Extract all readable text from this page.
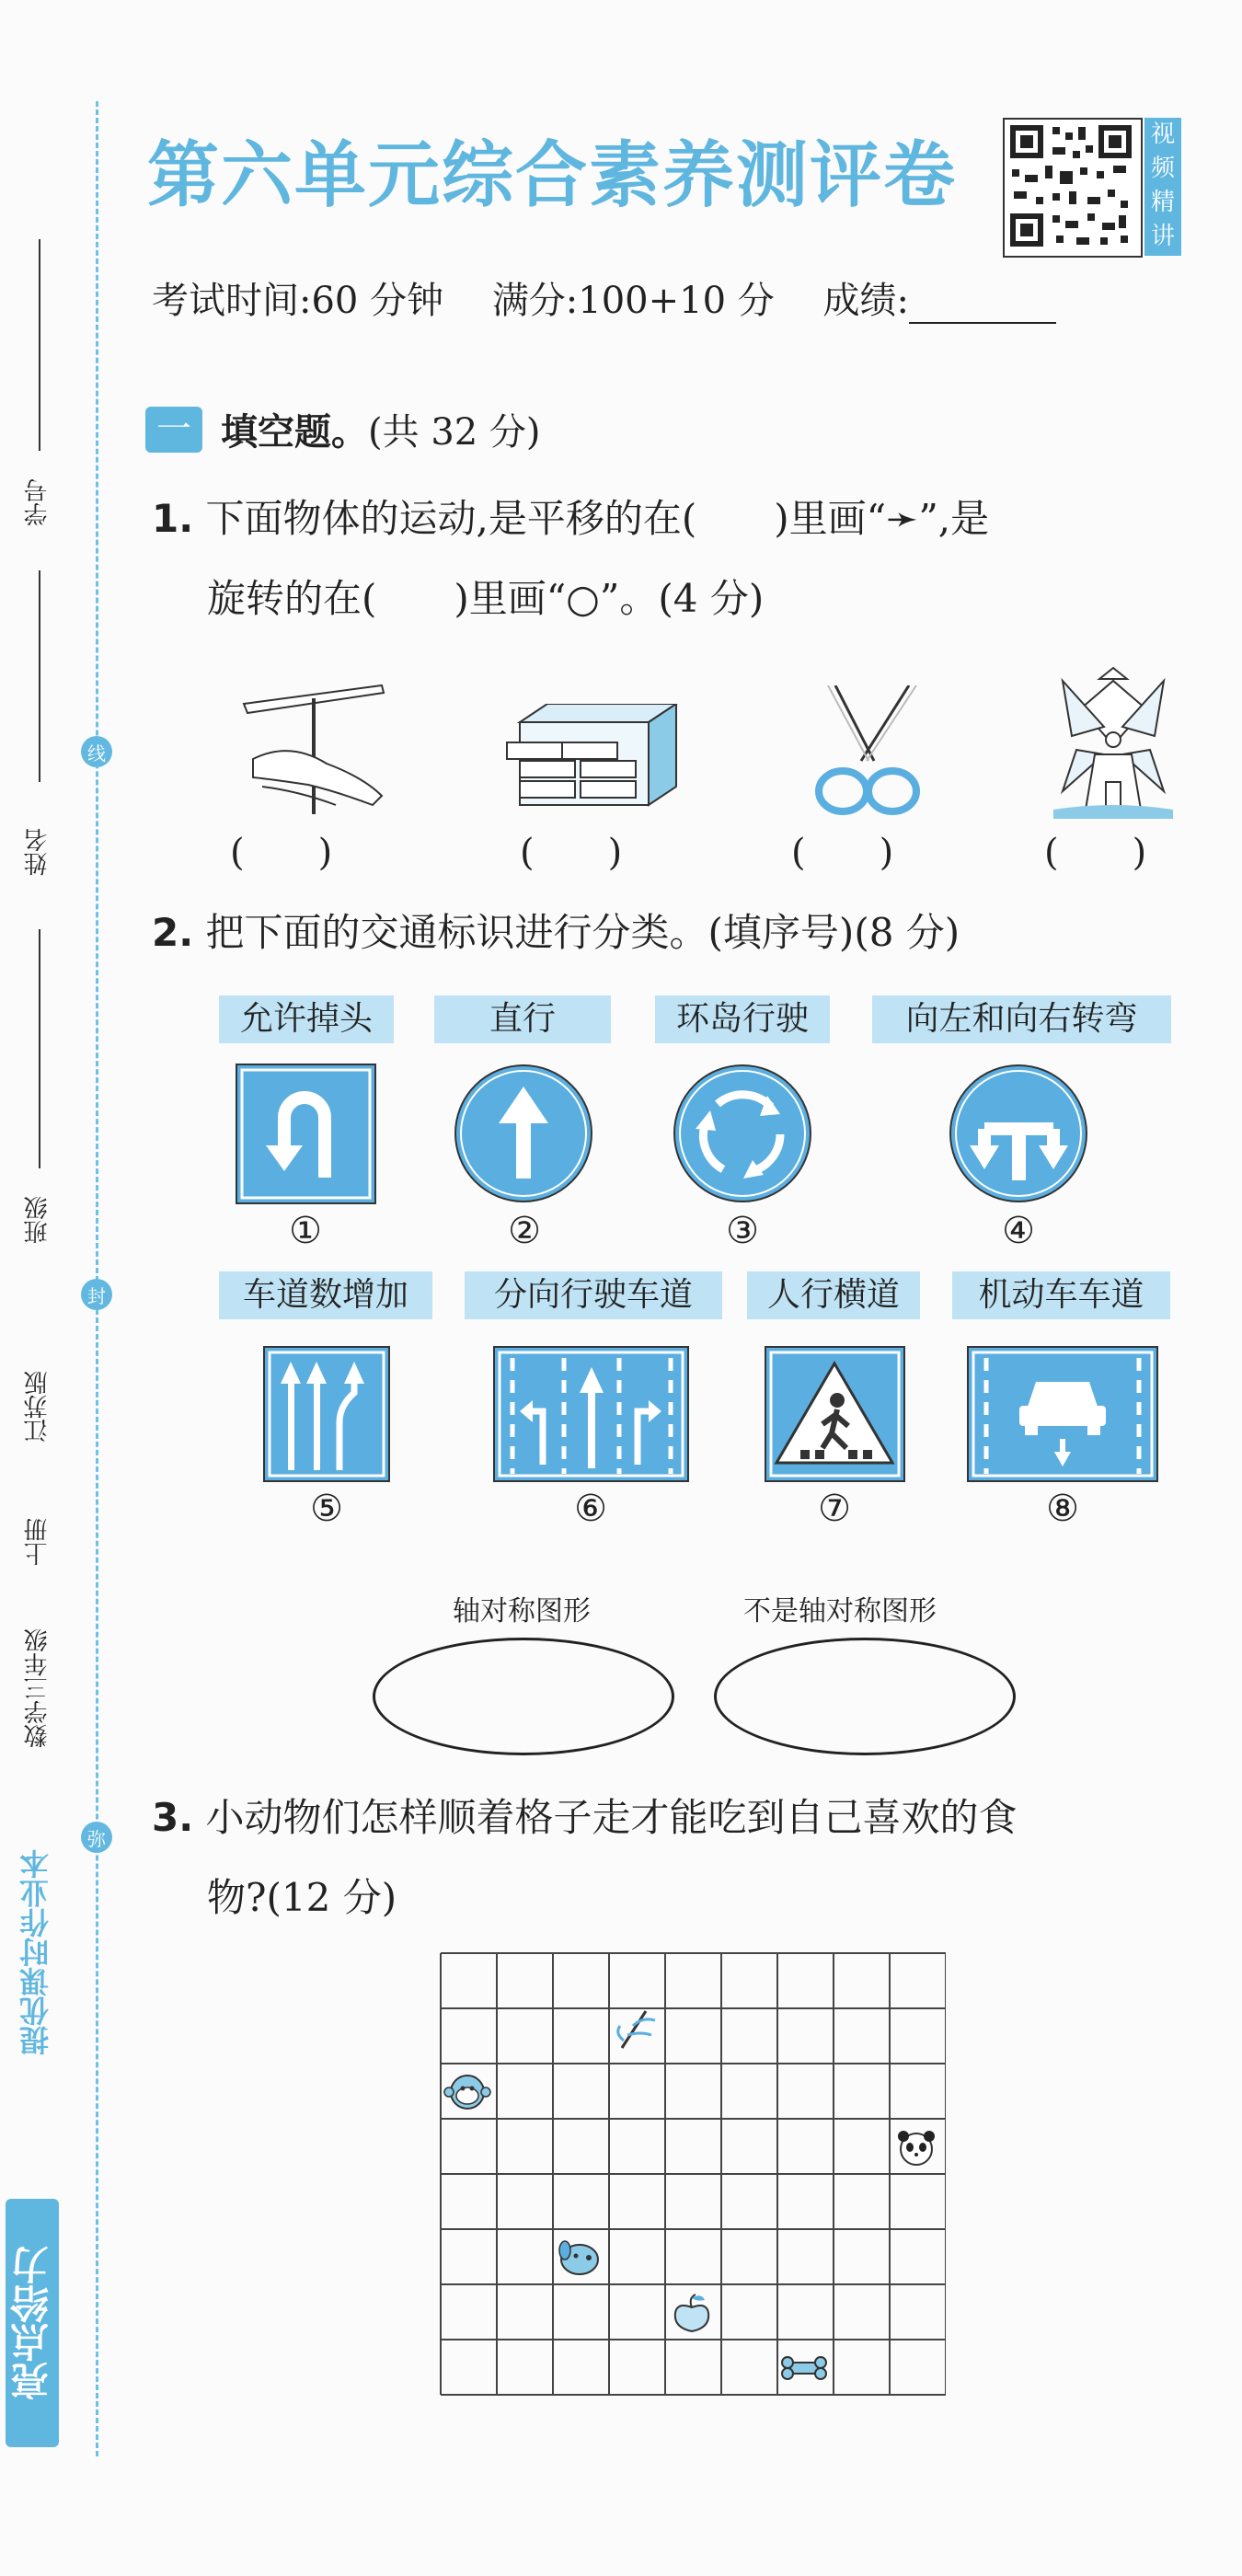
学号
姓名
班级
线
封
弥
江苏版
上册
数学三年级
亮点给力
提优课时作业本
第六单元综合素养测评卷	视频精讲
考试时间:60 分钟 满分:100+10 分 成绩:
一 填空题。(共 32 分)
1. 下面物体的运动,是平移的在(　　)里画“➛”,是
旋转的在(　　)里画“○”。(4 分)
(　　)	(　　)	(　　)	(　　)
2. 把下面的交通标识进行分类。(填序号)(8 分)
允许掉头	直行	环岛行驶	向左和向右转弯
①	②	③	④
车道数增加	分向行驶车道	人行横道	机动车车道
⑤	⑥	⑦	⑧
轴对称图形	不是轴对称图形
3. 小动物们怎样顺着格子走才能吃到自己喜欢的食
物?(12 分)
